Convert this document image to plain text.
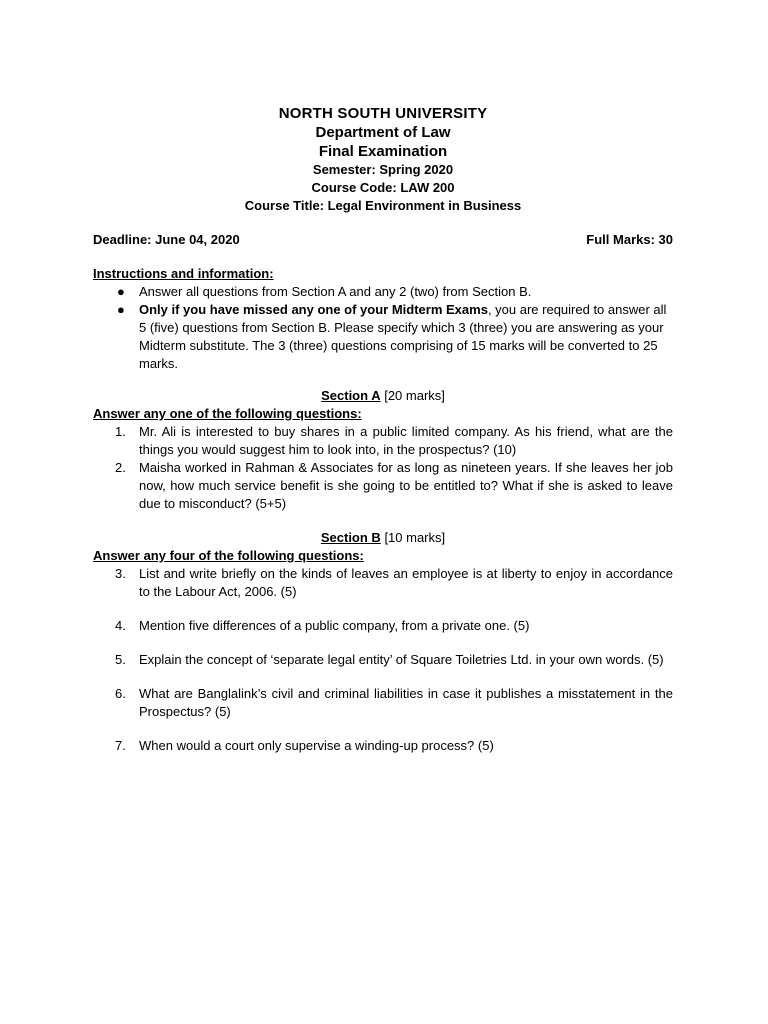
NORTH SOUTH UNIVERSITY
Department of Law
Final Examination
Semester: Spring 2020
Course Code: LAW 200
Course Title: Legal Environment in Business
Deadline: June 04, 2020	Full Marks: 30
Instructions and information:
● Answer all questions from Section A and any 2 (two) from Section B.
● Only if you have missed any one of your Midterm Exams, you are required to answer all 5 (five) questions from Section B. Please specify which 3 (three) you are answering as your Midterm substitute. The 3 (three) questions comprising of 15 marks will be converted to 25 marks.
Section A [20 marks]
Answer any one of the following questions:
1. Mr. Ali is interested to buy shares in a public limited company. As his friend, what are the things you would suggest him to look into, in the prospectus? (10)
2. Maisha worked in Rahman & Associates for as long as nineteen years. If she leaves her job now, how much service benefit is she going to be entitled to? What if she is asked to leave due to misconduct? (5+5)
Section B [10 marks]
Answer any four of the following questions:
3. List and write briefly on the kinds of leaves an employee is at liberty to enjoy in accordance to the Labour Act, 2006. (5)
4. Mention five differences of a public company, from a private one. (5)
5. Explain the concept of ‘separate legal entity’ of Square Toiletries Ltd. in your own words. (5)
6. What are Banglalink’s civil and criminal liabilities in case it publishes a misstatement in the Prospectus? (5)
7. When would a court only supervise a winding-up process? (5)
